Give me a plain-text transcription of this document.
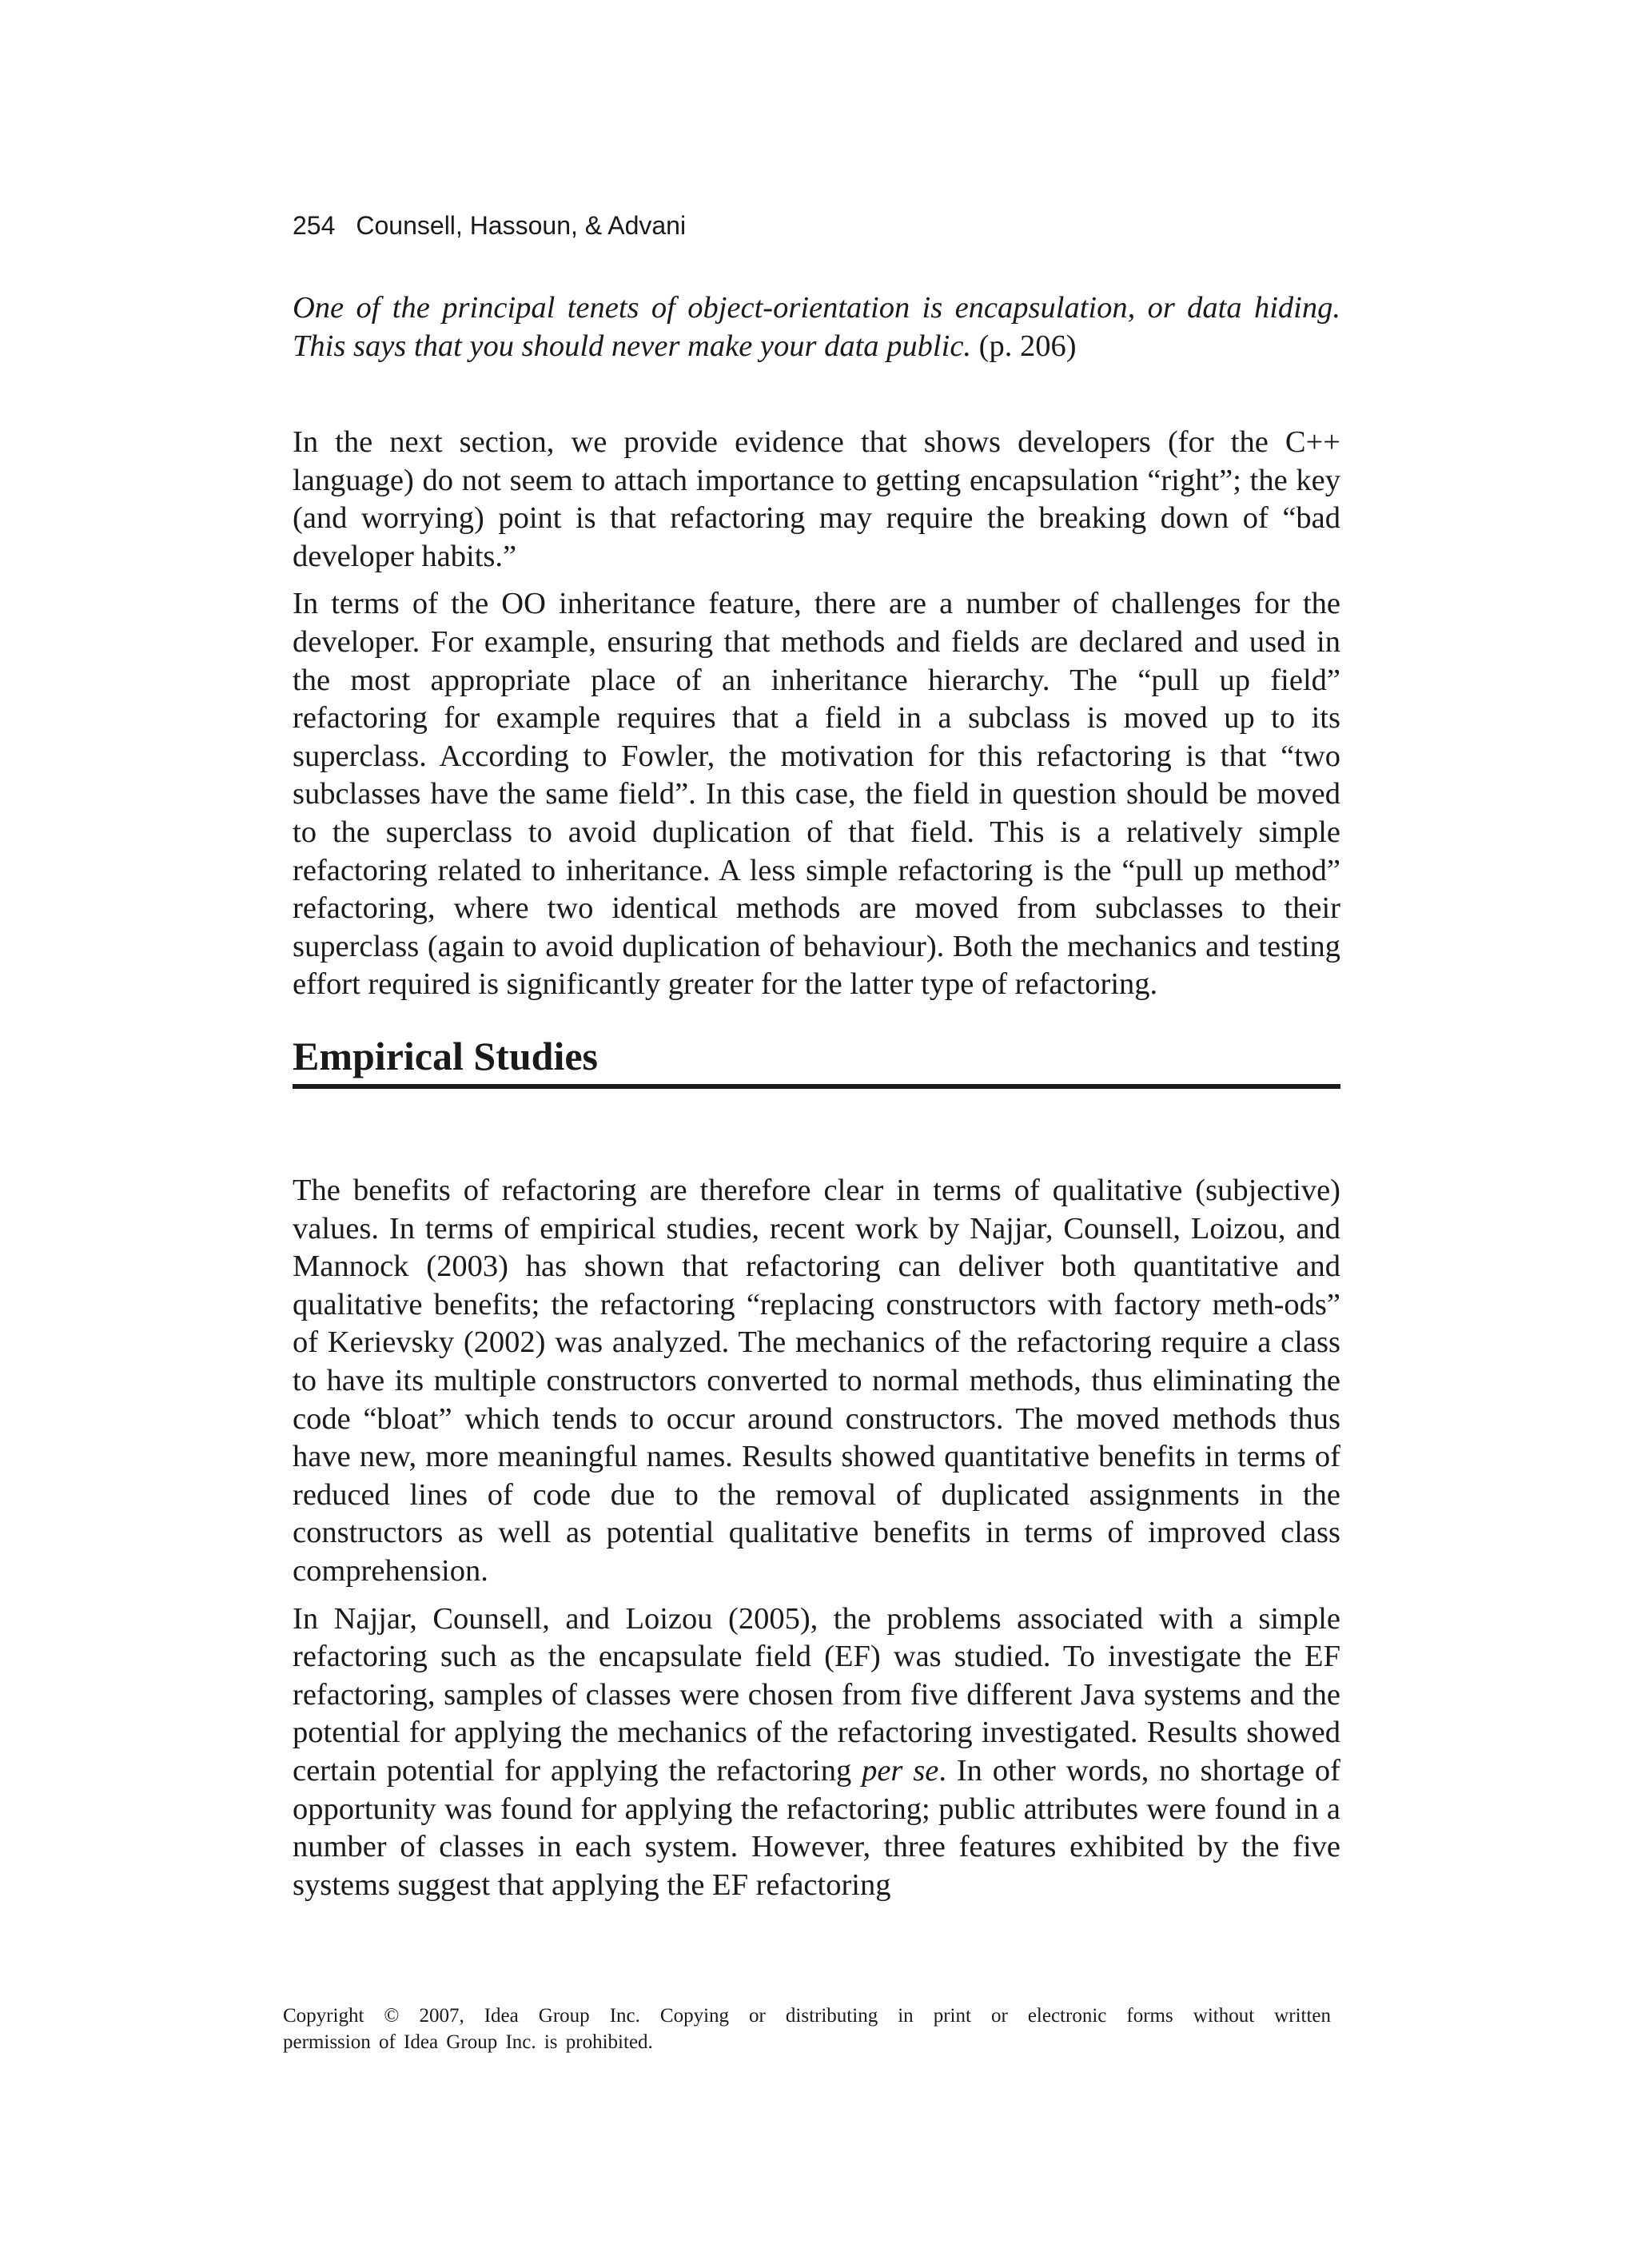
254 Counsell, Hassoun, & Advani
One of the principal tenets of object-orientation is encapsulation, or data hiding. This says that you should never make your data public. (p. 206)

In the next section, we provide evidence that shows developers (for the C++ language) do not seem to attach importance to getting encapsulation “right”; the key (and worrying) point is that refactoring may require the breaking down of “bad developer habits.”

In terms of the OO inheritance feature, there are a number of challenges for the developer. For example, ensuring that methods and fields are declared and used in the most appropriate place of an inheritance hierarchy. The “pull up field” refactoring for example requires that a field in a subclass is moved up to its superclass. According to Fowler, the motivation for this refactoring is that “two subclasses have the same field”. In this case, the field in question should be moved to the superclass to avoid duplication of that field. This is a relatively simple refactoring related to inheritance. A less simple refactoring is the “pull up method” refactoring, where two identical methods are moved from subclasses to their superclass (again to avoid duplication of behaviour). Both the mechanics and testing effort required is significantly greater for the latter type of refactoring.

Empirical Studies

The benefits of refactoring are therefore clear in terms of qualitative (subjective) values. In terms of empirical studies, recent work by Najjar, Counsell, Loizou, and Mannock (2003) has shown that refactoring can deliver both quantitative and qualitative benefits; the refactoring “replacing constructors with factory meth-ods” of Kerievsky (2002) was analyzed. The mechanics of the refactoring require a class to have its multiple constructors converted to normal methods, thus eliminating the code “bloat” which tends to occur around constructors. The moved methods thus have new, more meaningful names. Results showed quantitative benefits in terms of reduced lines of code due to the removal of duplicated assignments in the constructors as well as potential qualitative benefits in terms of improved class comprehension.

In Najjar, Counsell, and Loizou (2005), the problems associated with a simple refactoring such as the encapsulate field (EF) was studied. To investigate the EF refactoring, samples of classes were chosen from five different Java systems and the potential for applying the mechanics of the refactoring investigated. Results showed certain potential for applying the refactoring per se. In other words, no shortage of opportunity was found for applying the refactoring; public attributes were found in a number of classes in each system. However, three features exhibited by the five systems suggest that applying the EF refactoring

Copyright © 2007, Idea Group Inc. Copying or distributing in print or electronic forms without written
permission of Idea Group Inc. is prohibited.
